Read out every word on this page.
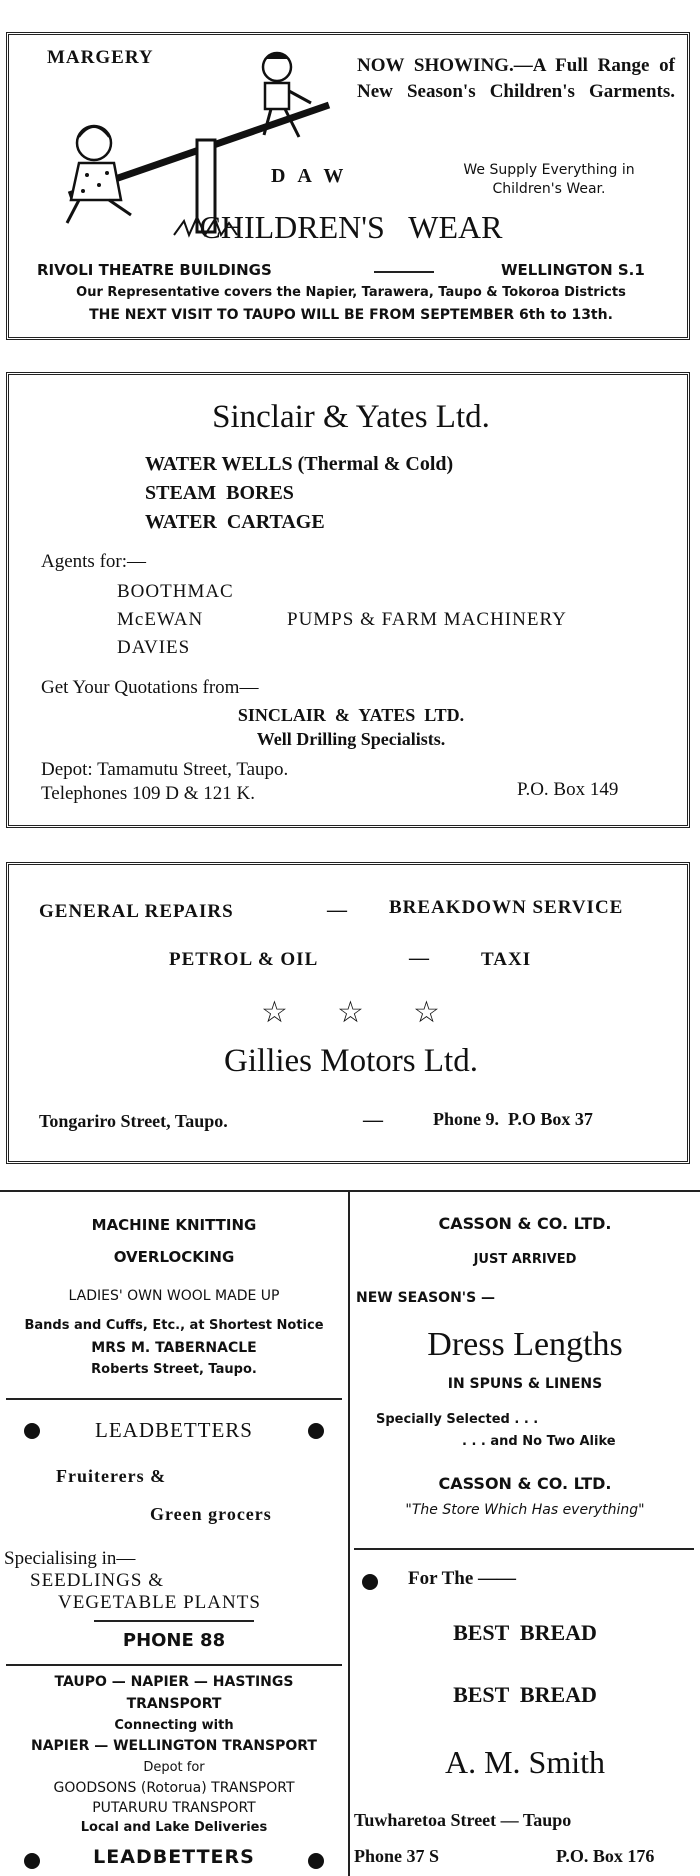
MARGERY
D A W
NOW SHOWING.—A Full Range of New Season's Children's Garments.
We Supply Everything in Children's Wear.
CHILDREN'S   WEAR
RIVOLI THEATRE BUILDINGS	WELLINGTON S.1
Our Representative covers the Napier, Tarawera, Taupo & Tokoroa Districts
THE NEXT VISIT TO TAUPO WILL BE FROM SEPTEMBER 6th to 13th.
Sinclair & Yates Ltd.
WATER WELLS (Thermal & Cold)
STEAM  BORES
WATER  CARTAGE
Agents for:—
BOOTHMAC
McEWAN	PUMPS & FARM MACHINERY
DAVIES
Get Your Quotations from—
SINCLAIR  &  YATES  LTD.
Well Drilling Specialists.
Depot: Tamamutu Street, Taupo.
Telephones 109 D & 121 K.	P.O. Box 149
GENERAL REPAIRS	— BREAKDOWN SERVICE
PETROL & OIL	—	TAXI
☆ ☆ ☆
Gillies Motors Ltd.
Tongariro Street, Taupo.	—	Phone 9.  P.O Box 37
MACHINE KNITTING
OVERLOCKING
LADIES' OWN WOOL MADE UP
Bands and Cuffs, Etc., at Shortest Notice
MRS M. TABERNACLE
Roberts Street, Taupo.
LEADBETTERS
Fruiterers &
Green grocers
Specialising in—
SEEDLINGS &
VEGETABLE PLANTS
PHONE 88
TAUPO — NAPIER — HASTINGS
TRANSPORT
Connecting with
NAPIER — WELLINGTON TRANSPORT
Depot for
GOODSONS (Rotorua) TRANSPORT
PUTARURU TRANSPORT
Local and Lake Deliveries
LEADBETTERS
CASSON & CO. LTD.
JUST ARRIVED
NEW SEASON'S —
Dress Lengths
IN SPUNS & LINENS
Specially Selected . . .
. . . and No Two Alike
CASSON & CO. LTD.
"The Store Which Has everything"
For The ——
BEST  BREAD
BEST  BREAD
A. M. Smith
Tuwharetoa Street — Taupo
Phone 37 S	P.O. Box 176
